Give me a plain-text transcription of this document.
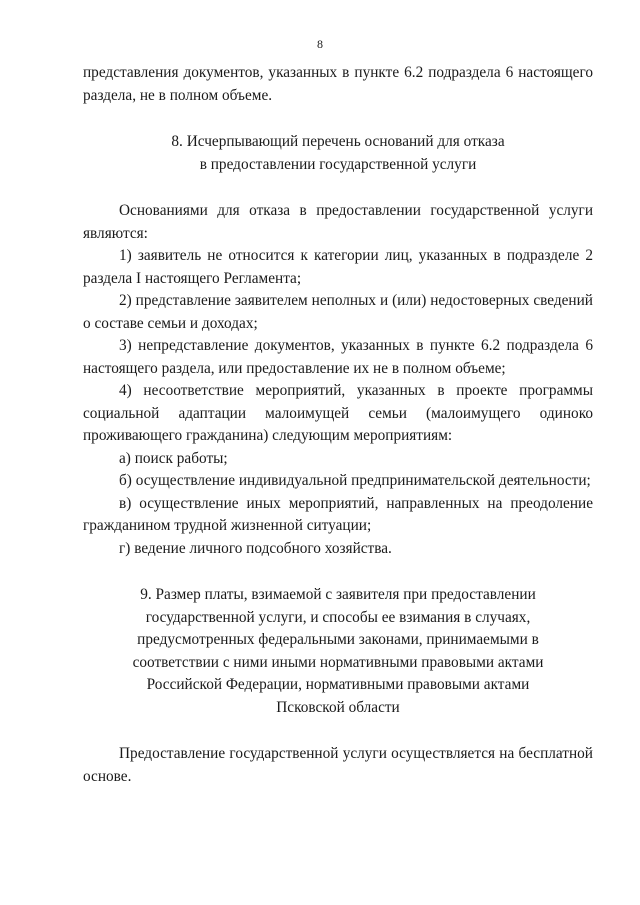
8

представления документов, указанных в пункте 6.2 подраздела 6 настоящего раздела, не в полном объеме.

8. Исчерпывающий перечень оснований для отказа

в предоставлении государственной услуги

Основаниями для отказа в предоставлении государственной услуги являются:

1) заявитель не относится к категории лиц, указанных в подразделе 2 раздела I настоящего Регламента;

2) представление заявителем неполных и (или) недостоверных сведений о составе семьи и доходах;

3) непредставление документов, указанных в пункте 6.2 подраздела 6 настоящего раздела, или предоставление их не в полном объеме;

4) несоответствие мероприятий, указанных в проекте программы социальной адаптации малоимущей семьи (малоимущего одиноко проживающего гражданина) следующим мероприятиям:

а) поиск работы;

б) осуществление индивидуальной предпринимательской деятельности;

в) осуществление иных мероприятий, направленных на преодоление гражданином трудной жизненной ситуации;

г) ведение личного подсобного хозяйства.

9. Размер платы, взимаемой с заявителя при предоставлении

государственной услуги, и способы ее взимания в случаях,

предусмотренных федеральными законами, принимаемыми в

соответствии с ними иными нормативными правовыми актами

Российской Федерации, нормативными правовыми актами

Псковской области

Предоставление государственной услуги осуществляется на бесплатной основе.
